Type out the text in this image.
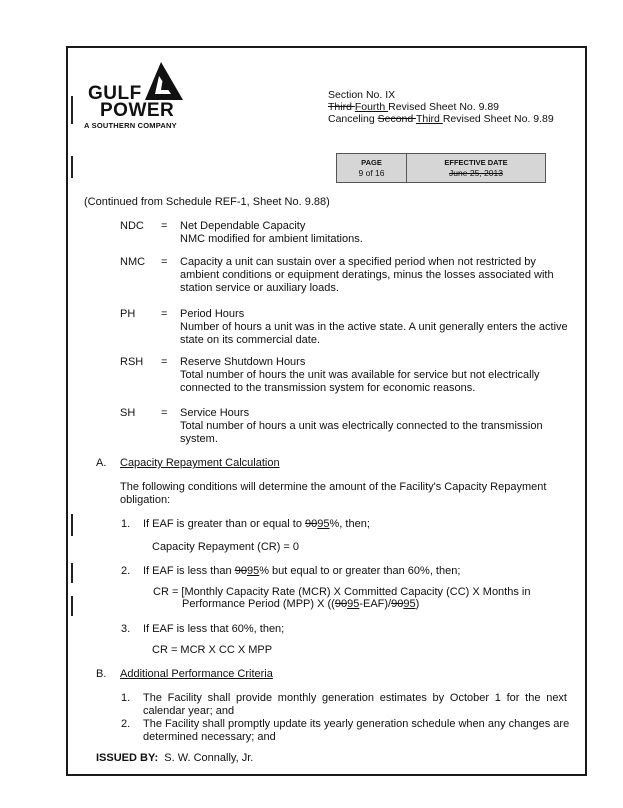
GULF
POWER
A SOUTHERN COMPANY
Section No. IX
Third Fourth Revised Sheet No. 9.89
Canceling Second Third Revised Sheet No. 9.89
PAGE
9 of 16
EFFECTIVE DATE
June 25, 2013
(Continued from Schedule REF-1, Sheet No. 9.88)
NDC = Net Dependable Capacity
NMC modified for ambient limitations.
NMC = Capacity a unit can sustain over a specified period when not restricted by
ambient conditions or equipment deratings, minus the losses associated with
station service or auxiliary loads.
PH = Period Hours
Number of hours a unit was in the active state. A unit generally enters the active
state on its commercial date.
RSH = Reserve Shutdown Hours
Total number of hours the unit was available for service but not electrically
connected to the transmission system for economic reasons.
SH = Service Hours
Total number of hours a unit was electrically connected to the transmission
system.
A. Capacity Repayment Calculation
The following conditions will determine the amount of the Facility's Capacity Repayment
obligation:
1. If EAF is greater than or equal to 9095%, then;
Capacity Repayment (CR) = 0
2. If EAF is less than 9095% but equal to or greater than 60%, then;
CR = [Monthly Capacity Rate (MCR) X Committed Capacity (CC) X Months in
Performance Period (MPP) X ((9095-EAF)/9095)
3. If EAF is less that 60%, then;
CR = MCR X CC X MPP
B. Additional Performance Criteria
1. The Facility shall provide monthly generation estimates by October 1 for the next
calendar year; and
2. The Facility shall promptly update its yearly generation schedule when any changes are
determined necessary; and
ISSUED BY: S. W. Connally, Jr.
